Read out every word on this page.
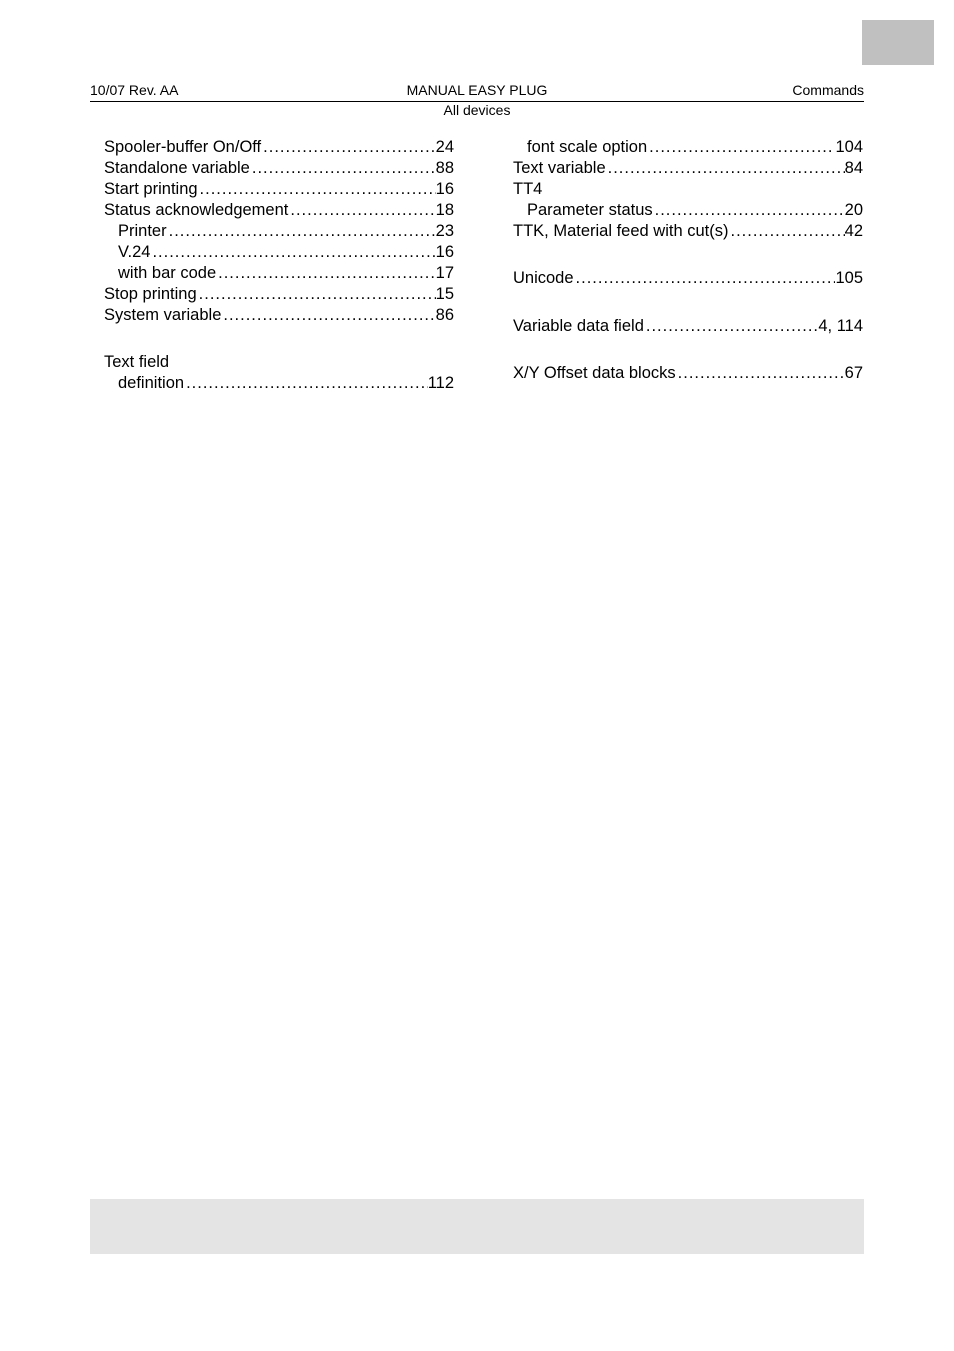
10/07 Rev. AA	MANUAL EASY PLUG	Commands
All devices
Spooler-buffer On/Off .....	24
Standalone variable .....	88
Start printing .....	16
Status acknowledgement .....	18
Printer .....	23
V.24 .....	16
with bar code .....	17
Stop printing .....	15
System variable .....	86
Text field
definition .....	112
font scale option .....	104
Text variable .....	84
TT4
Parameter status .....	20
TTK, Material feed with cut(s) .....	42
Unicode .....	105
Variable data field .....	4, 114
X/Y Offset data blocks .....	67
